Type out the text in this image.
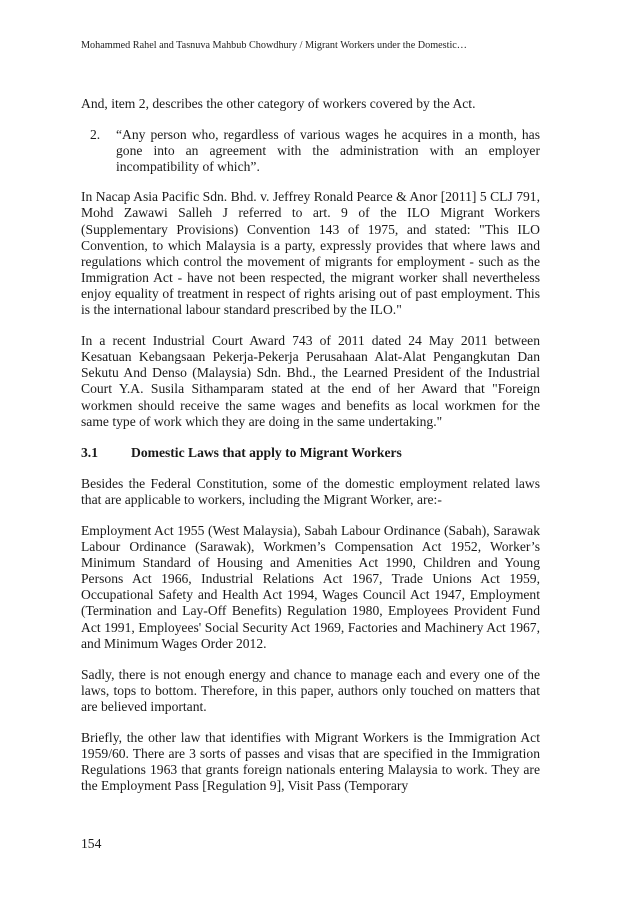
Mohammed Rahel and Tasnuva Mahbub Chowdhury / Migrant Workers under the Domestic…

And, item 2, describes the other category of workers covered by the Act.

2.	“Any person who, regardless of various wages he acquires in a month, has gone into an agreement with the administration with an employer incompatibility of which”.

In Nacap Asia Pacific Sdn. Bhd. v. Jeffrey Ronald Pearce & Anor [2011] 5 CLJ 791, Mohd Zawawi Salleh J referred to art. 9 of the ILO Migrant Workers (Supplementary Provisions) Convention 143 of 1975, and stated: "This ILO Convention, to which Malaysia is a party, expressly provides that where laws and regulations which control the movement of migrants for employment - such as the Immigration Act - have not been respected, the migrant worker shall nevertheless enjoy equality of treatment in respect of rights arising out of past employment. This is the international labour standard prescribed by the ILO."

In a recent Industrial Court Award 743 of 2011 dated 24 May 2011 between Kesatuan Kebangsaan Pekerja-Pekerja Perusahaan Alat-Alat Pengangkutan Dan Sekutu And Denso (Malaysia) Sdn. Bhd., the Learned President of the Industrial Court Y.A. Susila Sithamparam stated at the end of her Award that "Foreign workmen should receive the same wages and benefits as local workmen for the same type of work which they are doing in the same undertaking."

3.1	Domestic Laws that apply to Migrant Workers

Besides the Federal Constitution, some of the domestic employment related laws that are applicable to workers, including the Migrant Worker, are:-

Employment Act 1955 (West Malaysia), Sabah Labour Ordinance (Sabah), Sarawak Labour Ordinance (Sarawak), Workmen’s Compensation Act 1952, Worker’s Minimum Standard of Housing and Amenities Act 1990, Children and Young Persons Act 1966, Industrial Relations Act 1967, Trade Unions Act 1959, Occupational Safety and Health Act 1994, Wages Council Act 1947, Employment (Termination and Lay-Off Benefits) Regulation 1980, Employees Provident Fund Act 1991, Employees' Social Security Act 1969, Factories and Machinery Act 1967, and Minimum Wages Order 2012.

Sadly, there is not enough energy and chance to manage each and every one of the laws, tops to bottom. Therefore, in this paper, authors only touched on matters that are believed important.

Briefly, the other law that identifies with Migrant Workers is the Immigration Act 1959/60. There are 3 sorts of passes and visas that are specified in the Immigration Regulations 1963 that grants foreign nationals entering Malaysia to work. They are the Employment Pass [Regulation 9], Visit Pass (Temporary

154
